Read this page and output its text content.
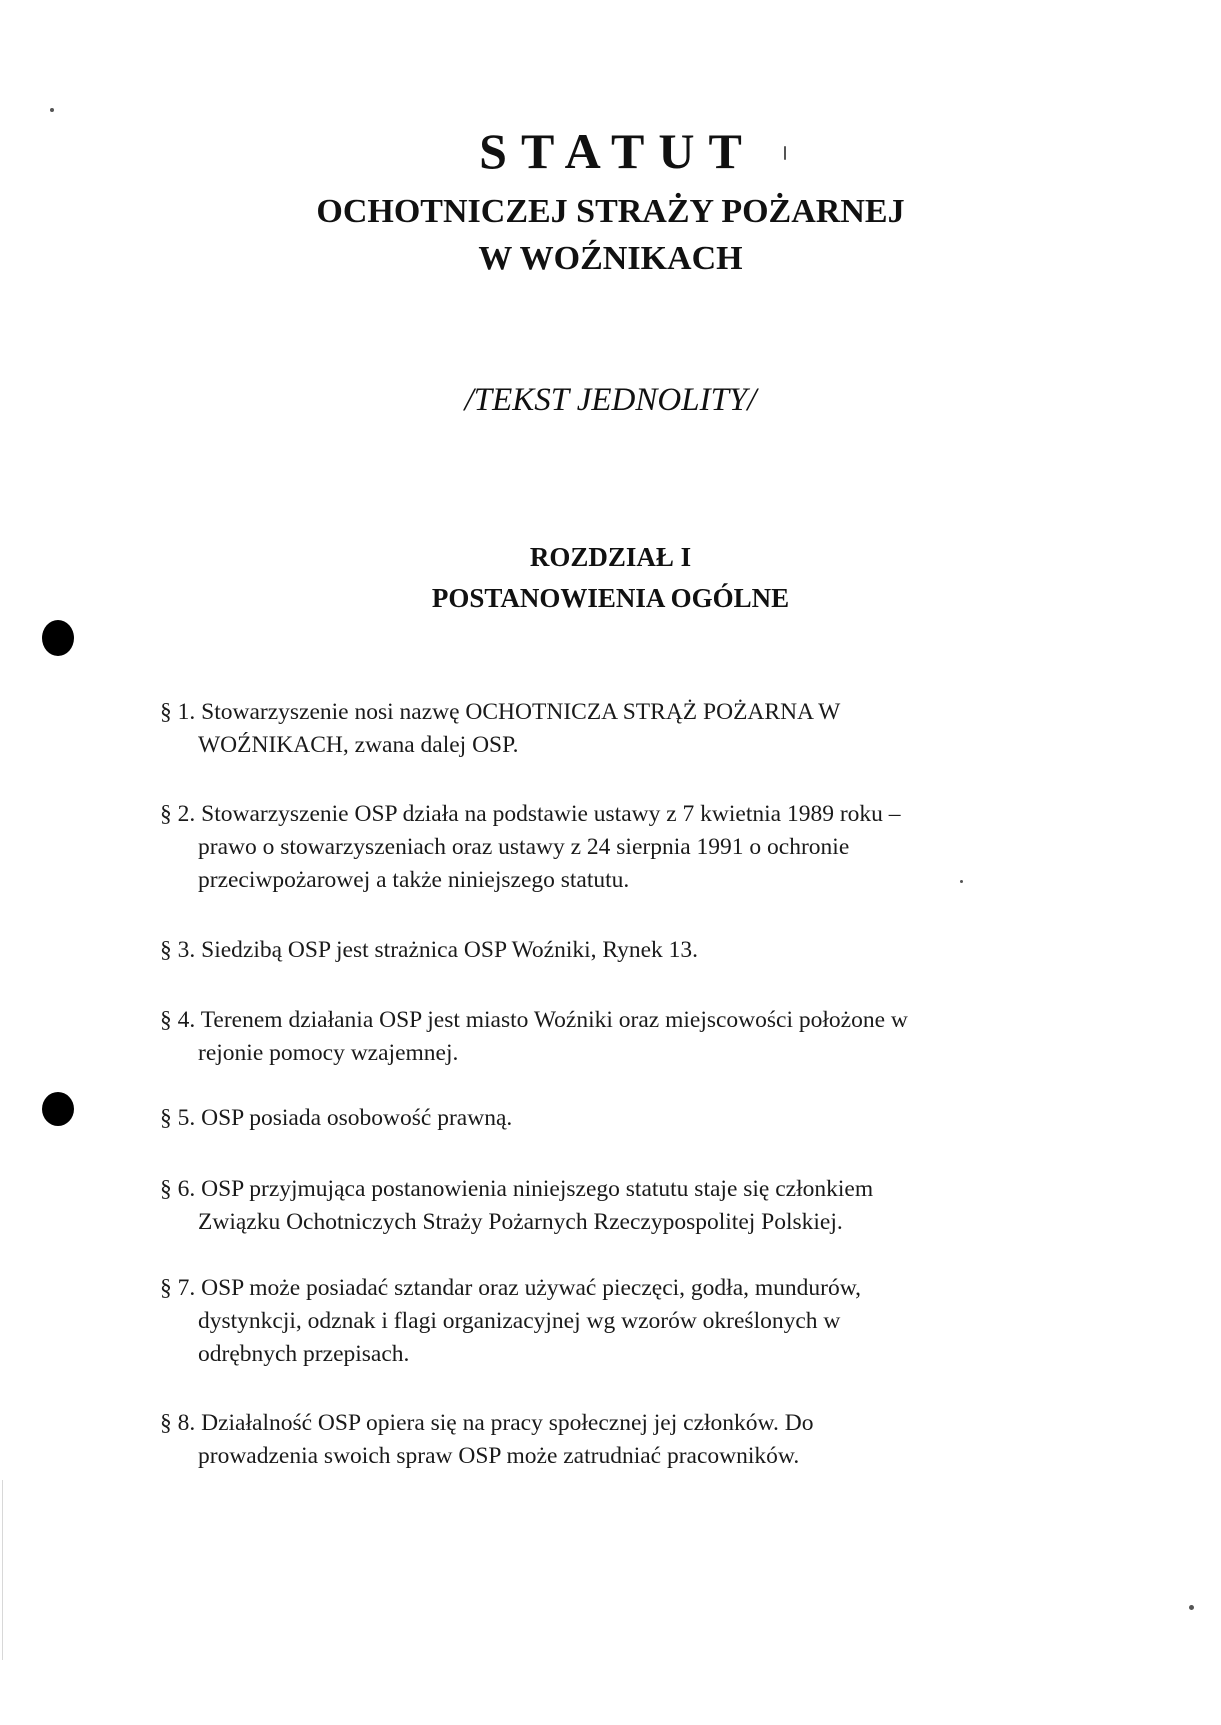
STATUT
OCHOTNICZEJ STRAŻY POŻARNEJ
W WOŹNIKACH
/TEKST JEDNOLITY/
ROZDZIAŁ I
POSTANOWIENIA OGÓLNE
§ 1. Stowarzyszenie nosi nazwę OCHOTNICZA STRĄŻ POŻARNA W
WOŹNIKACH, zwana dalej OSP.
§ 2. Stowarzyszenie OSP działa na podstawie ustawy z 7 kwietnia 1989 roku –
prawo o stowarzyszeniach oraz ustawy z 24 sierpnia 1991 o ochronie
przeciwpożarowej a także niniejszego statutu.
§ 3. Siedzibą OSP jest strażnica OSP Woźniki, Rynek 13.
§ 4. Terenem działania OSP jest miasto Woźniki oraz miejscowości położone w
rejonie pomocy wzajemnej.
§ 5. OSP posiada osobowość prawną.
§ 6. OSP przyjmująca postanowienia niniejszego statutu staje się członkiem
Związku Ochotniczych Straży Pożarnych Rzeczypospolitej Polskiej.
§ 7. OSP może posiadać sztandar oraz używać pieczęci, godła, mundurów,
dystynkcji, odznak i flagi organizacyjnej wg wzorów określonych w
odrębnych przepisach.
§ 8. Działalność OSP opiera się na pracy społecznej jej członków. Do
prowadzenia swoich spraw OSP może zatrudniać pracowników.
